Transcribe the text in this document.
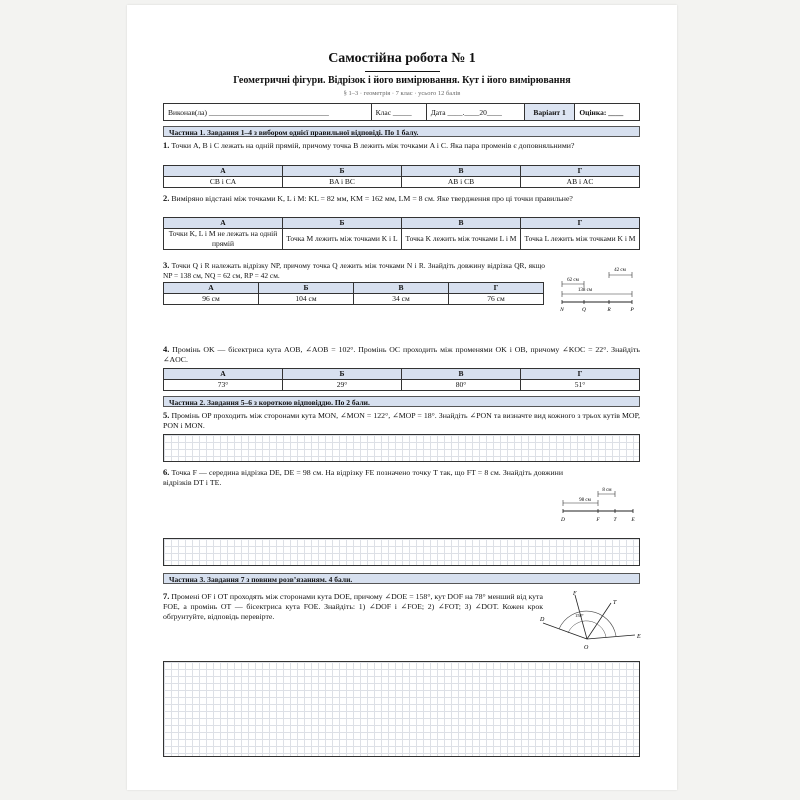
Самостійна робота № 1
Геометричні фігури. Відрізок і його вимірювання. Кут і його вимірювання
§ 1–3 · геометрія · 7 клас · усього 12 балів
Виконав(ла) ________________________________	Клас _____	Дата ____.____20____	Варіант 1	Оцінка: ____
Частина 1. Завдання 1–4 з вибором однієї правильної відповіді. По 1 балу.
1. Точки A, B і C лежать на одній прямій, причому точка B лежить між точками A і C. Яка пара променів є доповняльними?
А	Б	В	Г
CB і CA	BA і BC	AB і CB	AB і AC
2. Виміряно відстані між точками K, L і M: KL = 82 мм, KM = 162 мм, LM = 8 см. Яке твердження про ці точки правильне?
А	Б	В	Г
Точки K, L і M не лежать на одній прямій	Точка M лежить між точками K і L	Точка K лежить між точками L і M	Точка L лежить між точками K і M
3. Точки Q і R належать відрізку NP, причому точка Q лежить між точками N і R. Знайдіть довжину відрізка QR, якщо NP = 138 см, NQ = 62 см, RP = 42 см.
А	Б	В	Г
96 см	104 см	34 см	76 см
62 см
138 см
42 см
N	Q	R	P
4. Промінь OK — бісектриса кута AOB, ∠AOB = 102°. Промінь OC проходить між променями OK і OB, причому ∠KOC = 22°. Знайдіть ∠AOC.
А	Б	В	Г
73°	29°	80°	51°
Частина 2. Завдання 5–6 з короткою відповіддю. По 2 бали.
5. Промінь OP проходить між сторонами кута MON, ∠MON = 122°, ∠MOP = 18°. Знайдіть ∠PON та визначте вид кожного з трьох кутів MOP, PON і MON.
6. Точка F — середина відрізка DE, DE = 98 см. На відрізку FE позначено точку T так, що FT = 8 см. Знайдіть довжини відрізків DT і TE.
98 см
8 см
D	F	T	E
Частина 3. Завдання 7 з повним розв’язанням. 4 бали.
7. Промені OF і OT проходять між сторонами кута DOE, причому ∠DOE = 158°, кут DOF на 78° менший від кута FOE, а промінь OT — бісектриса кута FOE. Знайдіть: 1) ∠DOF і ∠FOE; 2) ∠FOT; 3) ∠DOT. Кожен крок обґрунтуйте, відповідь перевірте.	158°
F
T
D
E
O
